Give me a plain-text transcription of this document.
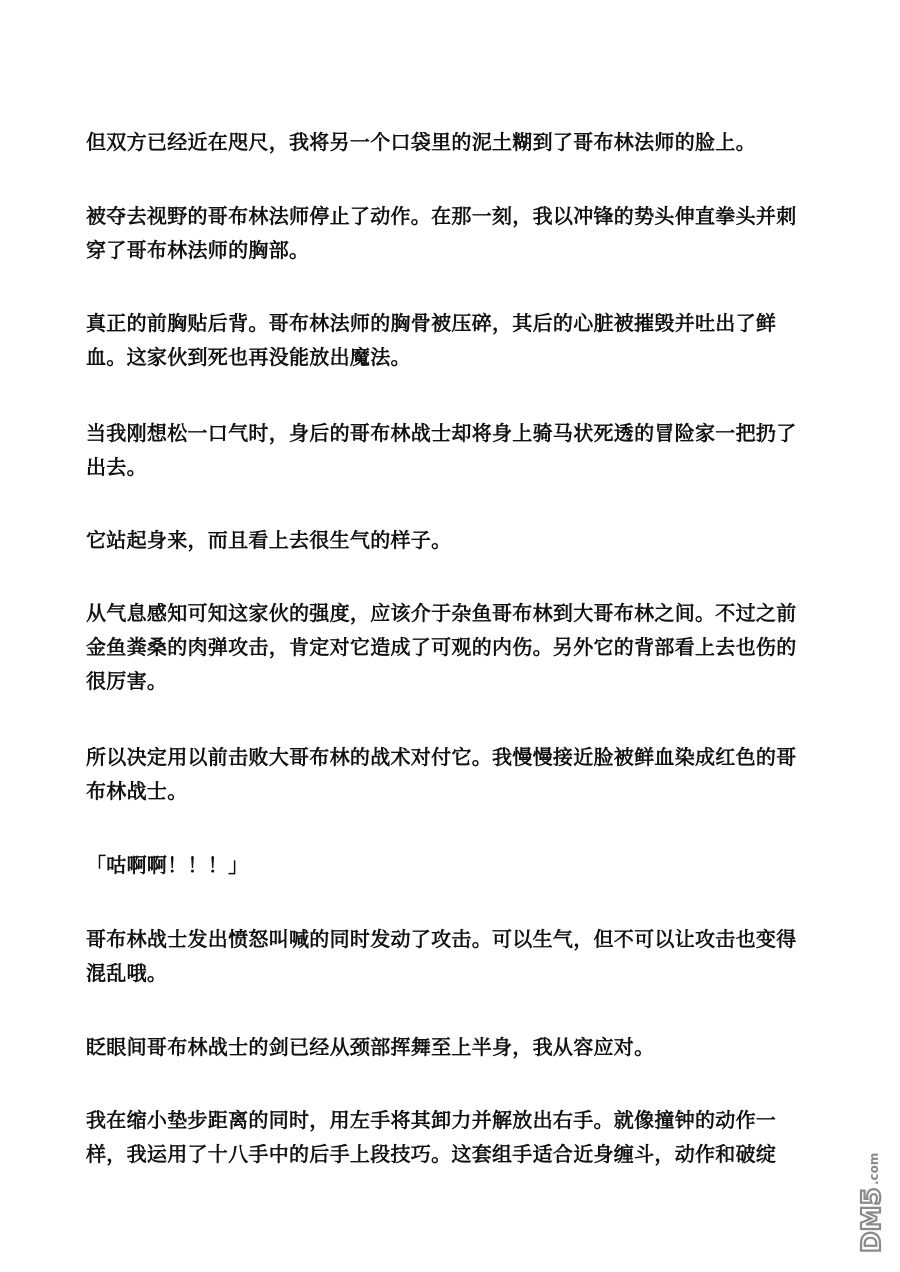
但双方已经近在咫尺，我将另一个口袋里的泥土糊到了哥布林法师的脸上。

被夺去视野的哥布林法师停止了动作。在那一刻，我以冲锋的势头伸直拳头并刺穿了哥布林法师的胸部。

真正的前胸贴后背。哥布林法师的胸骨被压碎，其后的心脏被摧毁并吐出了鲜血。这家伙到死也再没能放出魔法。

当我刚想松一口气时，身后的哥布林战士却将身上骑马状死透的冒险家一把扔了出去。

它站起身来，而且看上去很生气的样子。

从气息感知可知这家伙的强度，应该介于杂鱼哥布林到大哥布林之间。不过之前金鱼粪桑的肉弹攻击，肯定对它造成了可观的内伤。另外它的背部看上去也伤的很厉害。

所以决定用以前击败大哥布林的战术对付它。我慢慢接近脸被鲜血染成红色的哥布林战士。

「咕啊啊！！！」

哥布林战士发出愤怒叫喊的同时发动了攻击。可以生气，但不可以让攻击也变得混乱哦。

眨眼间哥布林战士的剑已经从颈部挥舞至上半身，我从容应对。

我在缩小垫步距离的同时，用左手将其卸力并解放出右手。就像撞钟的动作一样，我运用了十八手中的后手上段技巧。这套组手适合近身缠斗，动作和破绽

DM5
.com
